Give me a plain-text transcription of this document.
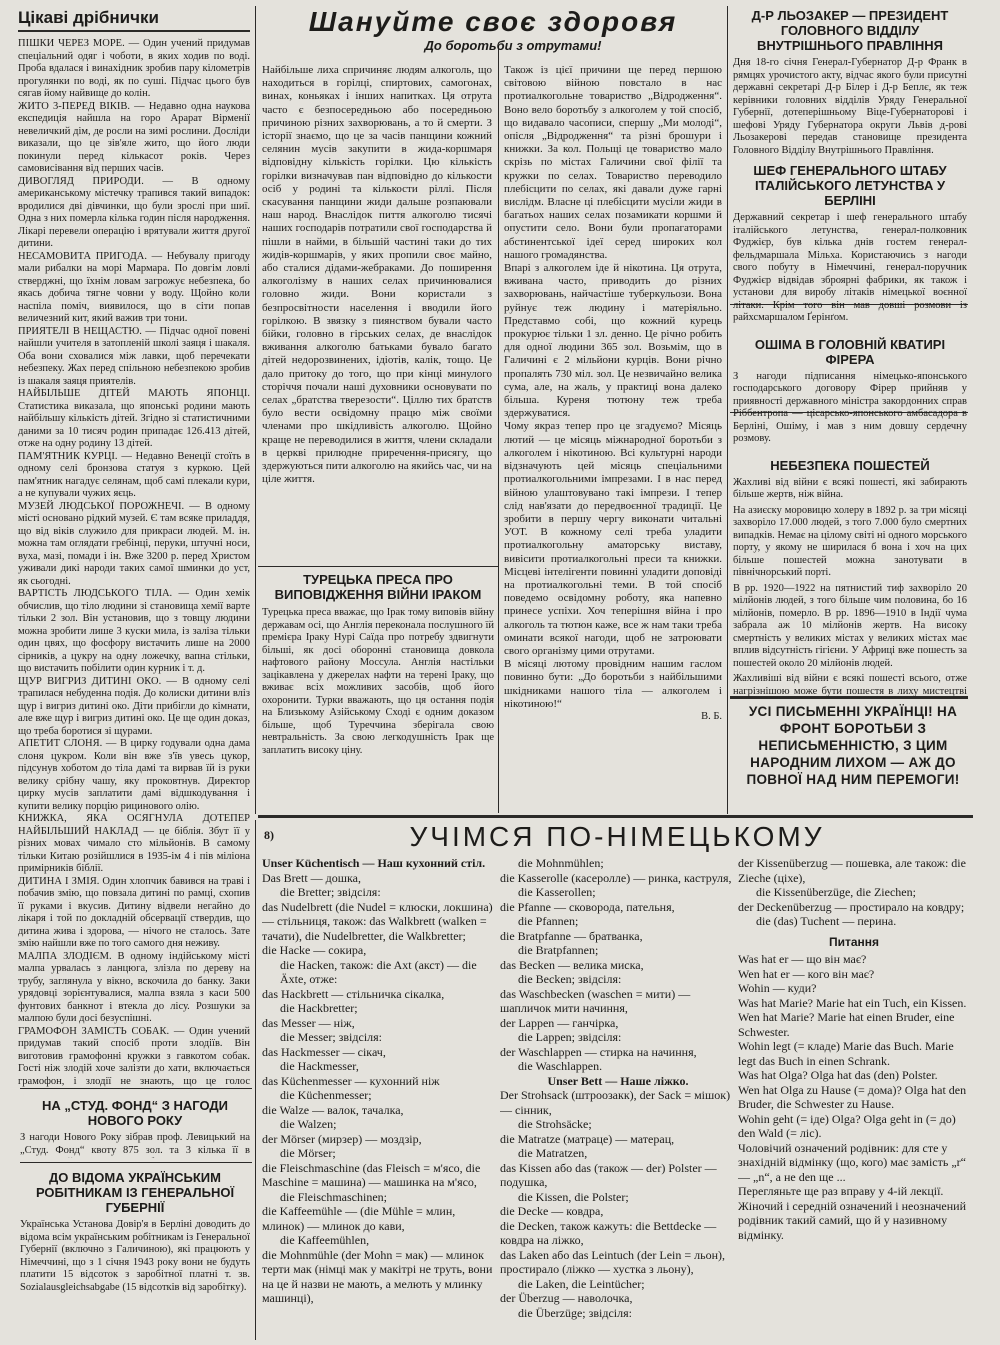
Цікаві дрібнички

ПІШКИ ЧЕРЕЗ МОРЕ. — Один учений придумав спеціальний одяг і чоботи, в яких ходив по воді. Проба вдалася і винахідник зробив пару кілометрів прогулянки по воді, як по суші. Підчас цього був сягав йому найвище до колін.

ЖИТО 3-ПЕРЕД ВІКІВ. — Недавно одна наукова експедиція найшла на горо Арарат Вірменії невеличкий дім, де росли на зимі рослини. Досліди виказали, що це зів'яле жито, що його люди покинули перед кількасот років. Через самовисівання від перших часів.

ДИВОГЛЯД ПРИРОДИ. — В одному американському містечку трапився такий випадок: вродилися дві дівчинки, що були зрослі при шиї. Одна з них померла кілька годин після народження. Лікарі перевели операцію і врятували життя другої дитини.

НЕСАМОВИТА ПРИГОДА. — Небувалу пригоду мали рибалки на морі Мармара. По довгім ловлі стверджні, що їхнім ловам загрожує небезпека, бо якась добича тягне човни у воду. Щойно коли наспіла поміч, виявилося, що в сіти попав величезний кит, який важив три тони.

ПРИЯТЕЛІ В НЕЩАСТЮ. — Підчас одної повені найшли учителя в затопленій школі заяця і шакаля. Оба вони сховалися між лавки, щоб перечекати небезпеку. Жах перед спільною небезпекою зробив із шакаля заяця приятелів.

НАЙБІЛЬШЕ ДІТЕЙ МАЮТЬ ЯПОНЦІ. Статистика виказала, що японські родини мають найбільшу кількість дітей. Згідно зі статистичними даними за 10 тисяч родин припадає 126.413 дітей, отже на одну родину 13 дітей.

ПАМ'ЯТНИК КУРЦІ. — Недавно Венеції стоїть в одному селі бронзова статуя з куркою. Цей пам'ятник нагадує селянам, щоб самі плекали кури, а не купували чужих яєць.

МУЗЕЙ ЛЮДСЬКОЇ ПОРОЖНЕЧІ. — В одному місті основано рідкий музей. Є там всяке приладдя, що від віків служило для прикраси людей. М. ін. можна там оглядати гребінці, перуки, штучні носи, вуха, мазі, помади і ін. Вже 3200 р. перед Христом уживали дикі народи таких самої шминки до уст, як сьогодні.

ВАРТІСТЬ ЛЮДСЬКОГО ТІЛА. — Один хемік обчислив, що тіло людини зі становища хемії варте тільки 2 зол. Він установив, що з товщу людини можна зробити лише 3 куски мила, із заліза тільки один цвях, що фосфору вистачить лише на 2000 сірників, а цукру на одну ложечку, вапна стільки, що вистачить побілити один курник і т. д.

ЩУР ВИГРИЗ ДИТИНІ ОКО. — В одному селі трапилася небуденна подія. До колиски дитини вліз щур і вигриз дитині око. Діти прибігли до кімнати, але вже щур і вигриз дитині око. Це ще один доказ, що треба боротися зі щурами.

АПЕТИТ СЛОНЯ. — В цирку годували одна дама слоня цукром. Коли він вже з'їв увесь цукор, підсунув хоботом до тіла дамі та вирвав їй із руки велику срібну чашу, яку проковтнув. Директор цирку мусів заплатити дамі відшкодування і купити велику порцію рицинового олію.

КНИЖКА, ЯКА ОСЯГНУЛА ДОТЕПЕР НАЙБІЛЬШИЙ НАКЛАД — це біблія. Збут її у різних мовах чимало сто мільйонів. В самому тільки Китаю розійшлися в 1935-ім 4 і пів міліона примірників біблії.

ДИТИНА І ЗМІЯ. Один хлопчик бавився на траві і побачив змію, що повзала дитині по рамці, схопив її руками і вкусив. Дитину відвели негайно до лікаря і той по докладній обсервації ствердив, що дитина жива і здорова, — нічого не сталось. Зате змію найшли вже по того самого дня неживу.

МАЛПА ЗЛОДІЄМ. В одному індійському місті малпа урвалась з ланцюга, злізла по дереву на трубу, заглянула у вікно, вскочила до банку. Заки урядовці зорієнтувалися, малпа взяла з каси 500 фунтових банкнот і втекла до лісу. Розшуки за малпою були досі безуспішні.

ГРАМОФОН ЗАМІСТЬ СОБАК. — Один учений придумав такий спосіб проти злодіїв. Він виготовив грамофонні кружки з гавкотом собак. Гості ніж злодій хоче залізти до хати, включається грамофон, і злодії не знають, що це голос

НА „СТУД. ФОНД“ З НАГОДИ НОВОГО РОКУ

З нагоди Нового Року зібрав проф. Левицький на „Студ. Фонд“ квоту 875 зол. та 3 кілька її в

ДО ВІДОМА УКРАЇНСЬКИМ РОБІТНИКАМ ІЗ ГЕНЕРАЛЬНОЇ ГУБЕРНІЇ

Українська Установа Довір'я в Берліні доводить до відома всім українським робітникам із Генеральної Губернії (включно з Галичиною), які працюють у Німеччині, що з 1 січня 1943 року вони не будуть платити 15 відсоток з заробітної платні т. зв. Sozialausgleichsabgabe (15 відсотків від заробітку).

Шануйте своє здоровя

До боротьби з отрутами!

Найбільше лиха спричиняє людям алкоголь, що находиться в горілці, спиртових, самогонах, винах, коньяках і інших напитках. Ця отрута часто є безпосередньою або посередньою причиною різних захворювань, а то й смерти. З історії знаємо, що це за часів панщини кожний селянин мусів закупити в жида-коршмаря відповідну кількість горілки. Цю кількість горілки визначував пан відповідно до кількости осіб у родині та кількости ріллі. Після скасування панщини жиди дальше розпаювали наш народ. Внаслідок пиття алкоголю тисячі наших господарів потратили свої господарства й пішли в найми, в більшій частині таки до тих жидів-коршмарів, у яких пропили своє майно, або сталися дідами-жебраками. До поширення алкоголізму в наших селах причинювалися головно жиди. Вони користали з безпросвітности населення і вводили його горілкою. В звязку з пиянством бували часто бійки, головно в гірських селах, де внаслідок вживання алкоголю батьками бувало багато дітей недорозвинених, ідіотів, калік, тощо. Це дало притоку до того, що при кінці минулого сторіччя почали наші духовники основувати по селах „братства тверезости“. Ціллю тих братств було вести освідомну працю між своїми членами про шкідливість алкоголю. Щойно краще не переводилися в життя, члени складали в церкві прилюдне приречення-присягу, що здержуються пити алкоголю на якийсь час, чи на ціле життя.

Також із цієї причини ще перед першою світовою війною повстало в нас протиалкогольне товариство „Відродження“. Воно вело боротьбу з алкоголем у той спосіб, що видавало часописи, спершу „Ми молоді“, опісля „Відродження“ та різні брошури і книжки. За кол. Польщі це товариство мало скрізь по містах Галичини свої філії та кружки по селах. Товариство переводило плебісцити по селах, які давали дуже гарні вислідм. Власне ці плебісцити мусіли жиди в багатьох наших селах позамикати коршми й опустити село. Вони були пропагаторами абстинентської ідеї серед широких кол нашого громадянства.
Впарі з алкоголем іде й нікотина. Ця отрута, вживана часто, приводить до різних захворювань, найчастіше туберкульози. Вона руйнує теж людину і матеріяльно. Представмо собі, що кожний курець прокурює тільки 1 зл. денно. Це річно робить для одної людини 365 зол. Возьмім, що в Галичині є 2 мільйони курців. Вони річно пропалять 730 міл. зол. Це незвичайно велика сума, але, на жаль, у практиці вона далеко більша. Куреня тютюну теж треба здержуватися.
Чому якраз тепер про це згадуємо? Місяць лютий — це місяць міжнародної боротьби з алкоголем і нікотиною. Всі культурні народи відзначують цей місяць спеціальними протиалкогольними імпрезами. І в нас перед війною улаштовувано такі імпрези. І тепер слід нав'язати до передвоєнної традиції. Це зробити в першу чергу виконати читальні УОТ. В кожному селі треба уладити протиалкогольну аматорську виставу, вивісити протиалкогольні преси та книжки. Місцеві інтелігенти повинні уладити доповіді на протиалкогольні теми. В той спосіб поведемо освідомну роботу, яка напевно принесе успіхи. Хоч теперішня війна і про алкоголь та тютюн каже, все ж нам таки треба оминати всякої нагоди, щоб не затроювати свого організму цими отрутами.
В місяці лютому провідним нашим гаслом повинно бути: „До боротьби з найбільшими шкідниками нашого тіла — алкоголем і нікотиною!“

В. Б.

ТУРЕЦЬКА ПРЕСА ПРО ВИПОВІДЖЕННЯ ВІЙНИ ІРАКОМ

Турецька преса вважає, що Ірак тому виповів війну державам осі, що Англія переконала послушного їй премієра Іраку Нурі Саїда про потребу здвигнути більші, як досі оборонні становища довкола нафтового району Моссула. Англія настільки зацікавлена у джерелах нафти на терені Іраку, що вживає всіх можливих засобів, щоб його охоронити. Турки вважають, що ця остання подія на Близькому Азійському Сході є одним доказом більше, щоб Туреччина зберігала свою невтральність. За свою легкодушність Ірак ще заплатить високу ціну.

Д-Р ЛЬОЗАКЕР — ПРЕЗИДЕНТ ГОЛОВНОГО ВІДДІЛУ ВНУТРІШНЬОГО ПРАВЛІННЯ

Дня 18-го січня Генерал-Губернатор Д-р Франк в рямцях урочистого акту, відчас якого були присутні державні секретарі Д-р Білер і Д-р Беплє, як теж керівники головних відділів Уряду Генеральної Губернії, дотеперішньому Віце-Губернаторові і шефові Уряду Губернатора округи Львів д-рові Льозакерові передав становище президента Головного Відділу Внутрішнього Правління.

ШЕФ ГЕНЕРАЛЬНОГО ШТАБУ ІТАЛІЙСЬКОГО ЛЕТУНСТВА У БЕРЛІНІ

Державний секретар і шеф генерального штабу італійського летунства, генерал-полковник Фуджієр, був кілька днів гостем генерал-фельдмаршала Мільха. Користаючись з нагоди свого побуту в Німеччині, генерал-поручник Фуджієр відвідав зброярні фабрики, як також і установи для виробу літаків німецької воєнної літаки. Крім того він мав довші розмови із райхсмаршалом Ґерінґом.

ОШІМА В ГОЛОВНІЙ КВАТИРІ ФІРЕРА

З нагоди підписання німецько-японського господарського договору Фірер прийняв у приявності державного міністра закордонних справ Ріббентропа — цісарсько-японського амбасадора в Берліні, Ошіму, і мав з ним довшу сердечну розмову.

НЕБЕЗПЕКА ПОШЕСТЕЙ

Жахливі від війни є всякі пошесті, які забирають більше жертв, ніж війна.

На азиєску моровицю холеру в 1892 р. за три місяці захворіло 17.000 людей, з того 7.000 було смертних випадків. Немає на цілому світі ні одного морського порту, у якому не ширилася б вона і хоч на цих більше пошестей можна занотувати в північнорський порті.

В рр. 1920—1922 на пятнистий тиф захворіло 20 мілйонів людей, з того більше чим половина, бо 16 мілйонів, померло. В рр. 1896—1910 в Індії чума забрала аж 10 мілйонів жертв. На високу смертність у великих містах у великих містах має вплив відсутність гігієни. У Африці вже пошесть за пошестей около 20 мілйонів людей.

Жахливіші від війни є всякі пошесті всього, отже нагрізнішою може бути пошестя в лиху мистецтві

УСІ ПИСЬМЕННІ УКРАЇНЦІ! НА ФРОНТ БОРОТЬБИ З НЕПИСЬМЕННІСТЮ, З ЦИМ НАРОДНИМ ЛИХОМ — АЖ ДО ПОВНОЇ НАД НИМ ПЕРЕМОГИ!

8)	УЧІМСЯ ПО-НІМЕЦЬКОМУ

Unser Küchentisch — Наш кухонний стіл.
Das Brett — дошка,
die Bretter; звідсіля:
das Nudelbrett (die Nudel = клюски, локшина) — стільниця, також: das Walkbrett (walken = тачати), die Nudelbretter, die Walkbretter;
die Hacke — сокира,
die Hacken, також: die Axt (акст) — die Äxte, отже:
das Hackbrett — стільничка сікалка,
die Hackbretter;
das Messer — ніж,
die Messer; звідсіля:
das Hackmesser — сікач,
die Hackmesser,
das Küchenmesser — кухонний ніж
die Küchenmesser;
die Walze — валок, тачалка,
die Walzen;
der Mörser (мирзер) — моздзір,
die Mörser;
die Fleischmaschine (das Fleisch = м'ясо, die Maschine = машина) — машинка на м'ясо,
die Fleischmaschinen;
die Kaffeemühle — (die Mühle = млин, млинок) — млинок до кави,
die Kaffeemühlen,
die Mohnmühle (der Mohn = мак) — млинок терти мак (німці мак у макітрі не труть, вони на це й назви не мають, а мелють у млинку машинці),
die Mohnmühlen;
die Kasserolle (касеролле) — ринка, каструля,
die Kasserollen;
die Pfanne — сковорода, пательня,
die Pfannen;
die Bratpfanne — братванка,
die Bratpfannen;
das Becken — велика миска,
die Becken; звідсіля:
das Waschbecken (waschen = мити) — шапличок мити начиння,
der Lappen — ганчірка,
die Lappen; звідсіля:
der Waschlappen — стирка на начиння,
die Waschlappen.
Unser Bett — Наше ліжко.
Der Strohsack (штроозакк), der Sack = мішок) — сінник,
die Strohsäcke;
die Matratze (матраце) — матерац,
die Matratzen,
das Kissen або das (також — der) Polster — подушка,
die Kissen, die Polster;
die Decke — ковдра,
die Decken, також кажуть: die Bettdecke — ковдра на ліжко,
das Laken або das Leintuch (der Lein = льон), простирало (ліжко — хустка з льону),
die Laken, die Leintücher;
der Überzug — наволочка,
die Überzüge; звідсіля:
der Kissenüberzug — пошевка, але також: die Zieche (ціхе),
die Kissenüberzüge, die Ziechen;
der Deckenüberzug — простирало на ковдру;
die (das) Tuchent — перина.
Питання
Was hat er — що він має?
Wen hat er — кого він має?
Wohin — куди?
Was hat Marie? Marie hat ein Tuch, ein Kissen.
Wen hat Marie? Marie hat einen Bruder, eine Schwester.
Wohin legt (= кладе) Marie das Buch. Marie legt das Buch in einen Schrank.
Was hat Olga? Olga hat das (den) Polster.
Wen hat Olga zu Hause (= дома)? Olga hat den Bruder, die Schwester zu Hause.
Wohin geht (= іде) Olga? Olga geht in (= до) den Wald (= ліс).
Чоловічий означений родівник: для сте у знахідній відмінку (що, кого) має замість „r“ — „n“, а не den ще ...
Перегляньте ще раз вправу у 4-ій лекції.
Жіночий і середній означений і неозначений родівник такий самий, що й у називному відмінку.
